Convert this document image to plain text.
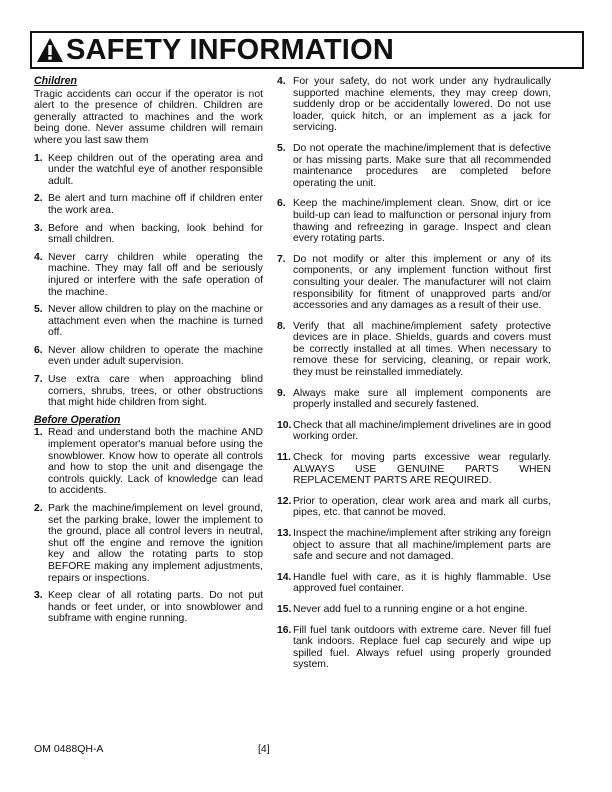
SAFETY INFORMATION
Children
Tragic accidents can occur if the operator is not alert to the presence of children. Children are generally attracted to machines and the work being done. Never assume children will remain where you last saw them
1. Keep children out of the operating area and under the watchful eye of another responsible adult.
2. Be alert and turn machine off if children enter the work area.
3. Before and when backing, look behind for small children.
4. Never carry children while operating the machine. They may fall off and be seriously injured or interfere with the safe operation of the machine.
5. Never allow children to play on the machine or attachment even when the machine is turned off.
6. Never allow children to operate the machine even under adult supervision.
7. Use extra care when approaching blind corners, shrubs, trees, or other obstructions that might hide children from sight.
Before Operation
1. Read and understand both the machine AND implement operator's manual before using the snowblower. Know how to operate all controls and how to stop the unit and disengage the controls quickly. Lack of knowledge can lead to accidents.
2. Park the machine/implement on level ground, set the parking brake, lower the implement to the ground, place all control levers in neutral, shut off the engine and remove the ignition key and allow the rotating parts to stop BEFORE making any implement adjustments, repairs or inspections.
3. Keep clear of all rotating parts. Do not put hands or feet under, or into snowblower and subframe with engine running.
4. For your safety, do not work under any hydraulically supported machine elements, they may creep down, suddenly drop or be accidentally lowered. Do not use loader, quick hitch, or an implement as a jack for servicing.
5. Do not operate the machine/implement that is defective or has missing parts. Make sure that all recommended maintenance procedures are completed before operating the unit.
6. Keep the machine/implement clean. Snow, dirt or ice build-up can lead to malfunction or personal injury from thawing and refreezing in garage. Inspect and clean every rotating parts.
7. Do not modify or alter this implement or any of its components, or any implement function without first consulting your dealer. The manufacturer will not claim responsibility for fitment of unapproved parts and/or accessories and any damages as a result of their use.
8. Verify that all machine/implement safety protective devices are in place. Shields, guards and covers must be correctly installed at all times. When necessary to remove these for servicing, cleaning, or repair work, they must be reinstalled immediately.
9. Always make sure all implement components are properly installed and securely fastened.
10. Check that all machine/implement drivelines are in good working order.
11. Check for moving parts excessive wear regularly. ALWAYS USE GENUINE PARTS WHEN REPLACEMENT PARTS ARE REQUIRED.
12. Prior to operation, clear work area and mark all curbs, pipes, etc. that cannot be moved.
13. Inspect the machine/implement after striking any foreign object to assure that all machine/implement parts are safe and secure and not damaged.
14. Handle fuel with care, as it is highly flammable. Use approved fuel container.
15. Never add fuel to a running engine or a hot engine.
16. Fill fuel tank outdoors with extreme care. Never fill fuel tank indoors. Replace fuel cap securely and wipe up spilled fuel. Always refuel using properly grounded system.
OM 0488QH-A	[4]
